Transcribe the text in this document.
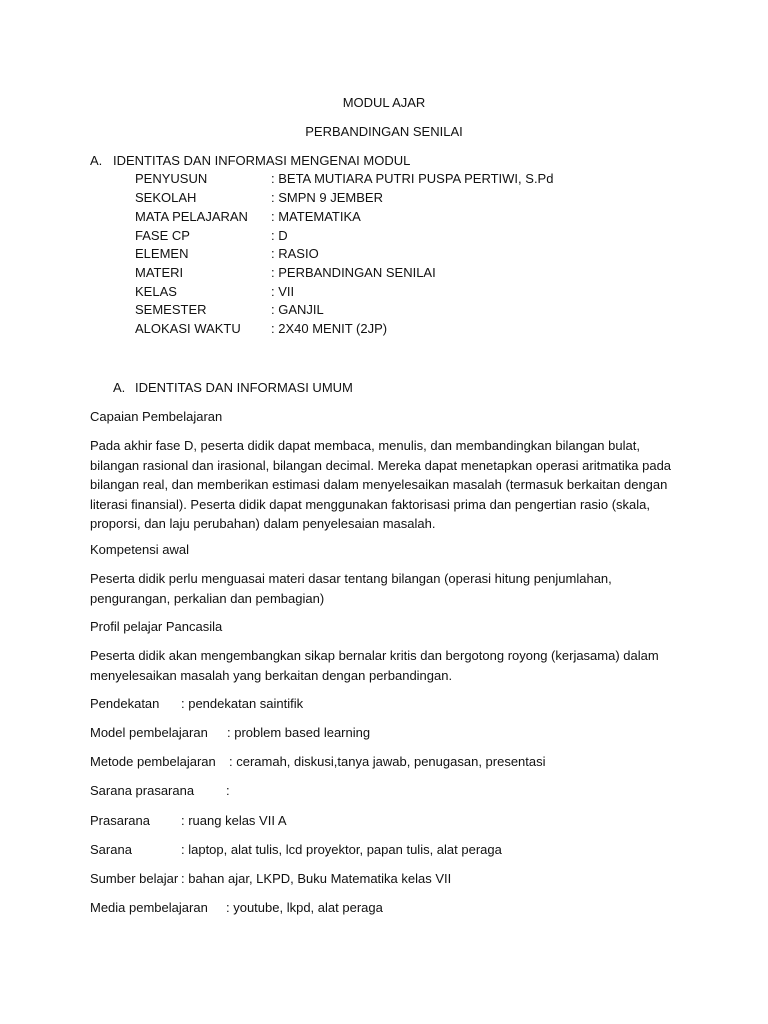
MODUL AJAR
PERBANDINGAN SENILAI
A. IDENTITAS DAN INFORMASI MENGENAI MODUL
PENYUSUN	: BETA MUTIARA PUTRI PUSPA PERTIWI, S.Pd
SEKOLAH	: SMPN 9 JEMBER
MATA PELAJARAN : MATEMATIKA
FASE CP	: D
ELEMEN	: RASIO
MATERI	: PERBANDINGAN SENILAI
KELAS	: VII
SEMESTER	: GANJIL
ALOKASI WAKTU : 2X40 MENIT (2JP)
A. IDENTITAS DAN INFORMASI UMUM
Capaian Pembelajaran
Pada akhir fase D, peserta didik dapat membaca, menulis, dan membandingkan bilangan bulat, bilangan rasional dan irasional, bilangan decimal. Mereka dapat menetapkan operasi aritmatika pada bilangan real, dan memberikan estimasi dalam menyelesaikan masalah (termasuk berkaitan dengan literasi finansial). Peserta didik dapat menggunakan faktorisasi prima dan pengertian rasio (skala, proporsi, dan laju perubahan) dalam penyelesaian masalah.
Kompetensi awal
Peserta didik perlu menguasai materi dasar tentang bilangan (operasi hitung penjumlahan, pengurangan, perkalian dan pembagian)
Profil pelajar Pancasila
Peserta didik akan mengembangkan sikap bernalar kritis dan bergotong royong (kerjasama) dalam menyelesaikan masalah yang berkaitan dengan perbandingan.
Pendekatan : pendekatan saintifik
Model pembelajaran : problem based learning
Metode pembelajaran : ceramah, diskusi,tanya jawab, penugasan, presentasi
Sarana prasarana :
Prasarana : ruang kelas VII A
Sarana	: laptop, alat tulis, lcd proyektor, papan tulis, alat peraga
Sumber belajar : bahan ajar, LKPD, Buku Matematika kelas VII
Media pembelajaran : youtube, lkpd, alat peraga
